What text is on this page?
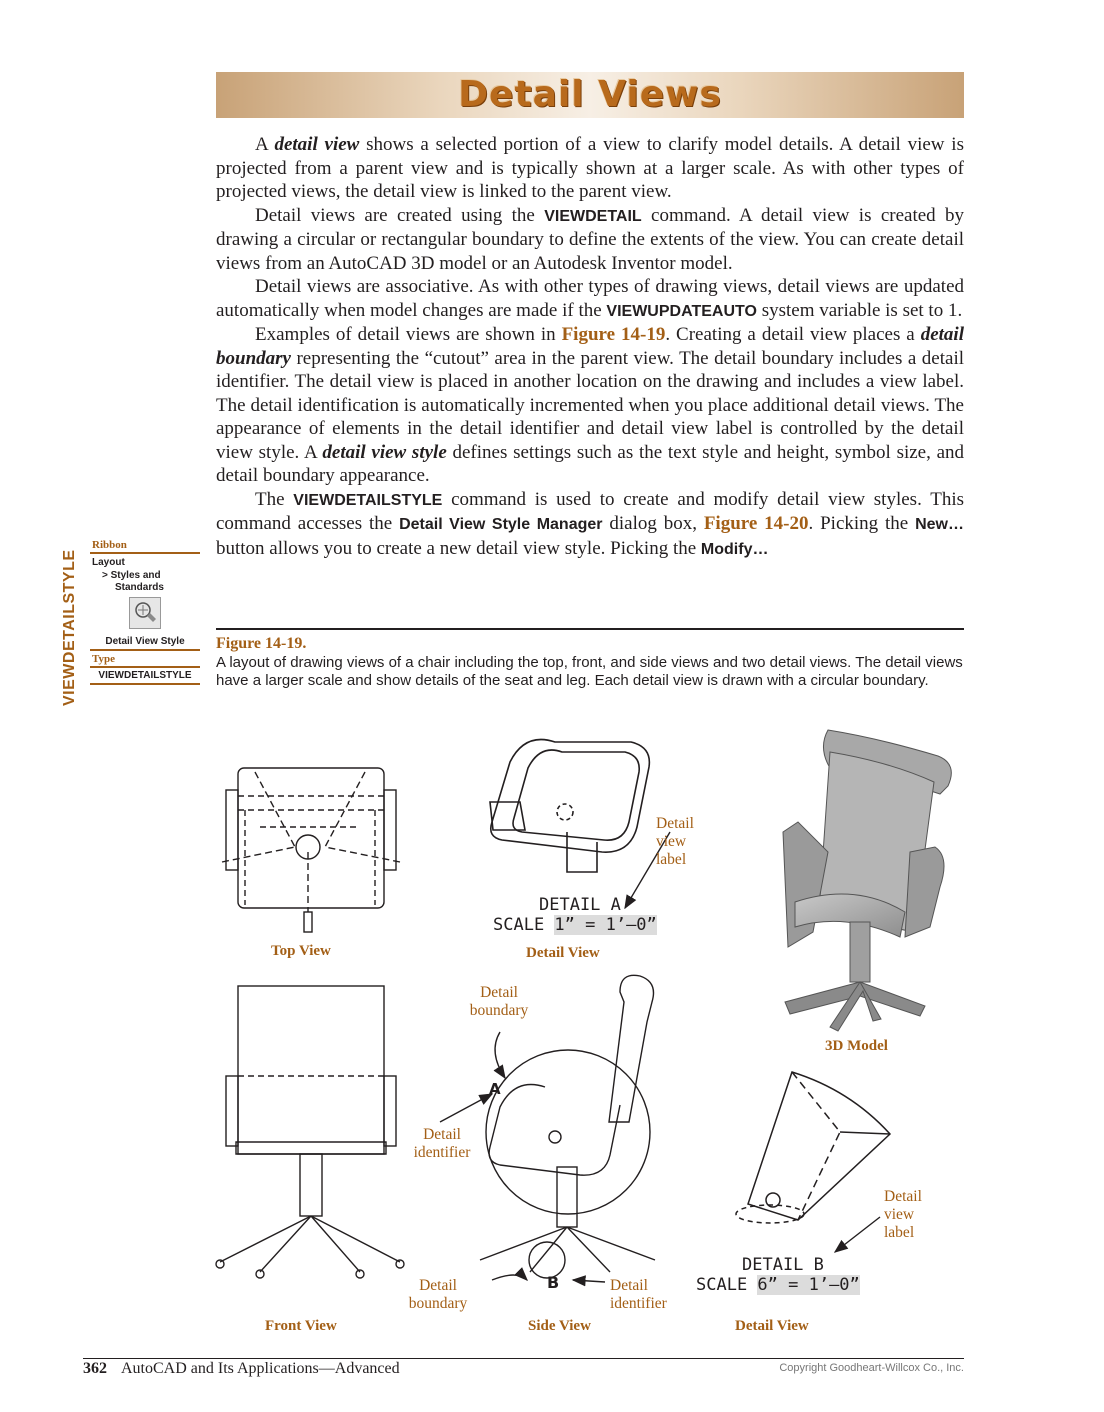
Detail Views

A detail view shows a selected portion of a view to clarify model details. A detail view is projected from a parent view and is typically shown at a larger scale. As with other types of projected views, the detail view is linked to the parent view.

Detail views are created using the VIEWDETAIL command. A detail view is created by drawing a circular or rectangular boundary to define the extents of the view. You can create detail views from an AutoCAD 3D model or an Autodesk Inventor model.

Detail views are associative. As with other types of drawing views, detail views are updated automatically when model changes are made if the VIEWUPDATEAUTO system variable is set to 1.

Examples of detail views are shown in Figure 14-19. Creating a detail view places a detail boundary representing the “cutout” area in the parent view. The detail boundary includes a detail identifier. The detail view is placed in another location on the drawing and includes a view label. The detail identification is automatically incremented when you place additional detail views. The appearance of elements in the detail identifier and detail view label is controlled by the detail view style. A detail view style defines settings such as the text style and height, symbol size, and detail boundary appearance.

The VIEWDETAILSTYLE command is used to create and modify detail view styles. This command accesses the Detail View Style Manager dialog box, Figure 14-20. Picking the New… button allows you to create a new detail view style. Picking the Modify…

VIEWDETAILSTYLE
Ribbon
Layout
> Styles and
Standards
Detail View Style
Type
VIEWDETAILSTYLE
Figure 14-19.
A layout of drawing views of a chair including the top, front, and side views and two detail views. The detail views have a larger scale and show details of the seat and leg. Each detail view is drawn with a circular boundary.
A
B
DETAIL A
SCALE 1” = 1’—0”
DETAIL B
SCALE 6” = 1’—0”
Detail view label
Detail boundary
Detail identifier
Detail boundary
Detail identifier
Detail view label
Top View	Detail View
3D Model
Front View	Side View	Detail View
362 AutoCAD and Its Applications—Advanced	Copyright Goodheart-Willcox Co., Inc.
